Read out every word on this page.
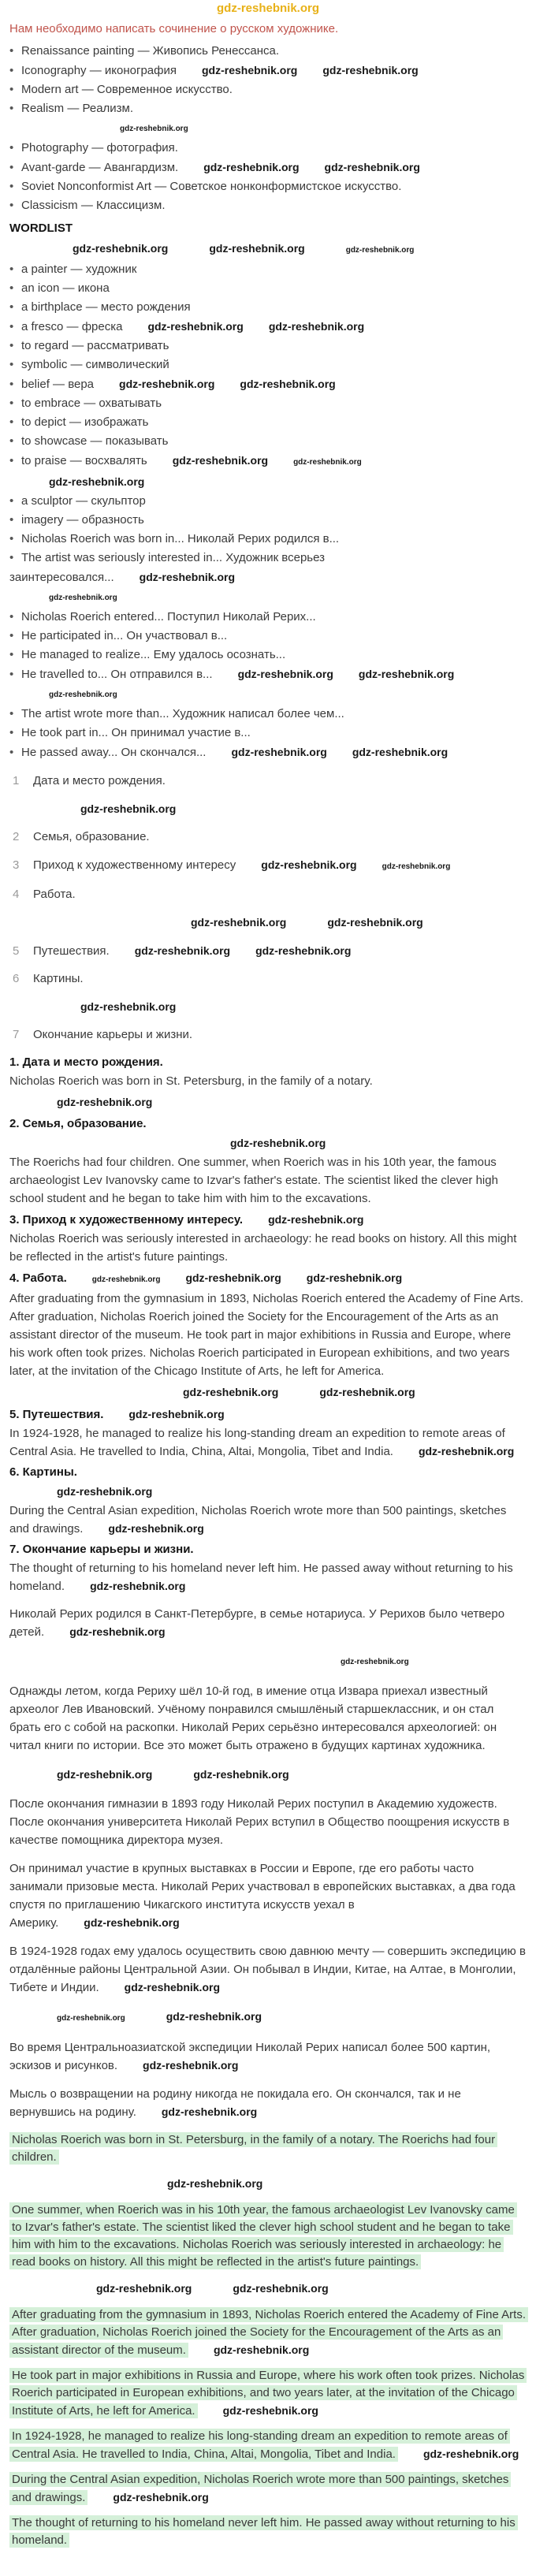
gdz-reshebnik.org
Нам необходимо написать сочинение о русском художнике.
• Renaissance painting — Живопись Ренессанса.
• Iconography — иконография gdz-reshebnik.org gdz-reshebnik.org
• Modern art — Современное искусство.
• Realism — Реализм.
gdz-reshebnik.org
• Photography — фотография.
• Avant-garde — Авангардизм. gdz-reshebnik.org gdz-reshebnik.org
• Soviet Nonconformist Art — Советское нонконформистское искусство.
• Classicism — Классицизм.
WORDLIST
gdz-reshebnik.org	gdz-reshebnik.org	gdz-reshebnik.org
• a painter — художник
• an icon — икона
• a birthplace — место рождения
• a fresco — фреска gdz-reshebnik.org gdz-reshebnik.org
• to regard — рассматривать
• symbolic — символический
• belief — вера gdz-reshebnik.org gdz-reshebnik.org
• to embrace — охватывать
• to depict — изображать
• to showcase — показывать
• to praise — восхвалять gdz-reshebnik.org	gdz-reshebnik.org
gdz-reshebnik.org
• a sculptor — скульптор
• imagery — образность
• Nicholas Roerich was born in... Николай Рерих родился в...
• The artist was seriously interested in... Художник всерьез заинтересовался... gdz-reshebnik.org
gdz-reshebnik.org
• Nicholas Roerich entered... Поступил Николай Рерих...
• He participated in... Он участвовал в...
• He managed to realize... Ему удалось осознать...
• He travelled to... Он отправился в... gdz-reshebnik.org gdz-reshebnik.org
gdz-reshebnik.org
• The artist wrote more than... Художник написал более чем...
• He took part in... Он принимал участие в...
• He passed away... Он скончался... gdz-reshebnik.org gdz-reshebnik.org
1 Дата и место рождения.
gdz-reshebnik.org
2 Семья, образование.
3 Приход к художественному интересу gdz-reshebnik.org	gdz-reshebnik.org
4 Работа.
gdz-reshebnik.org	gdz-reshebnik.org
5 Путешествия. gdz-reshebnik.org gdz-reshebnik.org
6 Картины.
gdz-reshebnik.org
7 Окончание карьеры и жизни.
1. Дата и место рождения.
Nicholas Roerich was born in St. Petersburg, in the family of a notary.
gdz-reshebnik.org
2. Семья, образование.
gdz-reshebnik.org
The Roerichs had four children. One summer, when Roerich was in his 10th year, the famous archaeologist Lev Ivanovsky came to Izvar's father's estate. The scientist liked the clever high school student and he began to take him with him to the excavations.
3. Приход к художественному интересу. gdz-reshebnik.org
Nicholas Roerich was seriously interested in archaeology: he read books on history. All this might be reflected in the artist's future paintings.
4. Работа.	gdz-reshebnik.org gdz-reshebnik.org gdz-reshebnik.org
After graduating from the gymnasium in 1893, Nicholas Roerich entered the Academy of Fine Arts. After graduation, Nicholas Roerich joined the Society for the Encouragement of the Arts as an assistant director of the museum. He took part in major exhibitions in Russia and Europe, where his work often took prizes. Nicholas Roerich participated in European exhibitions, and two years later, at the invitation of the Chicago Institute of Arts, he left for America.
gdz-reshebnik.org	gdz-reshebnik.org
5. Путешествия. gdz-reshebnik.org
In 1924-1928, he managed to realize his long-standing dream an expedition to remote areas of Central Asia. He travelled to India, China, Altai, Mongolia, Tibet and India. gdz-reshebnik.org
6. Картины.
gdz-reshebnik.org
During the Central Asian expedition, Nicholas Roerich wrote more than 500 paintings, sketches and drawings. gdz-reshebnik.org
7. Окончание карьеры и жизни.
The thought of returning to his homeland never left him. He passed away without returning to his homeland. gdz-reshebnik.org
Николай Рерих родился в Санкт-Петербурге, в семье нотариуса. У Рерихов было четверо детей. gdz-reshebnik.org
gdz-reshebnik.org
Однажды летом, когда Рериху шёл 10-й год, в имение отца Извара приехал известный археолог Лев Ивановский. Учёному понравился смышлёный старшеклассник, и он стал брать его с собой на раскопки. Николай Рерих серьёзно интересовался археологией: он читал книги по истории. Все это может быть отражено в будущих картинах художника.
gdz-reshebnik.org	gdz-reshebnik.org
После окончания гимназии в 1893 году Николай Рерих поступил в Академию художеств. После окончания университета Николай Рерих вступил в Общество поощрения искусств в качестве помощника директора музея.
Он принимал участие в крупных выставках в России и Европе, где его работы часто занимали призовые места. Николай Рерих участвовал в европейских выставках, а два года спустя по приглашению Чикагского института искусств уехал в Америку. gdz-reshebnik.org
В 1924-1928 годах ему удалось осуществить свою давнюю мечту — совершить экспедицию в отдалённые районы Центральной Азии. Он побывал в Индии, Китае, на Алтае, в Монголии, Тибете и Индии. gdz-reshebnik.org
gdz-reshebnik.org	gdz-reshebnik.org
Во время Центральноазиатской экспедиции Николай Рерих написал более 500 картин, эскизов и рисунков. gdz-reshebnik.org
Мысль о возвращении на родину никогда не покидала его. Он скончался, так и не вернувшись на родину. gdz-reshebnik.org
Nicholas Roerich was born in St. Petersburg, in the family of a notary. The Roerichs had four children.
gdz-reshebnik.org
One summer, when Roerich was in his 10th year, the famous archaeologist Lev Ivanovsky came to Izvar's father's estate. The scientist liked the clever high school student and he began to take him with him to the excavations. Nicholas Roerich was seriously interested in archaeology: he read books on history. All this might be reflected in the artist's future paintings.
gdz-reshebnik.org	gdz-reshebnik.org
After graduating from the gymnasium in 1893, Nicholas Roerich entered the Academy of Fine Arts. After graduation, Nicholas Roerich joined the Society for the Encouragement of the Arts as an assistant director of the museum.	gdz-reshebnik.org
He took part in major exhibitions in Russia and Europe, where his work often took prizes. Nicholas Roerich participated in European exhibitions, and two years later, at the invitation of the Chicago Institute of Arts, he left for America.	gdz-reshebnik.org
In 1924-1928, he managed to realize his long-standing dream an expedition to remote areas of Central Asia. He travelled to India, China, Altai, Mongolia, Tibet and India.	gdz-reshebnik.org
During the Central Asian expedition, Nicholas Roerich wrote more than 500 paintings, sketches and drawings.	gdz-reshebnik.org
The thought of returning to his homeland never left him. He passed away without returning to his homeland.
